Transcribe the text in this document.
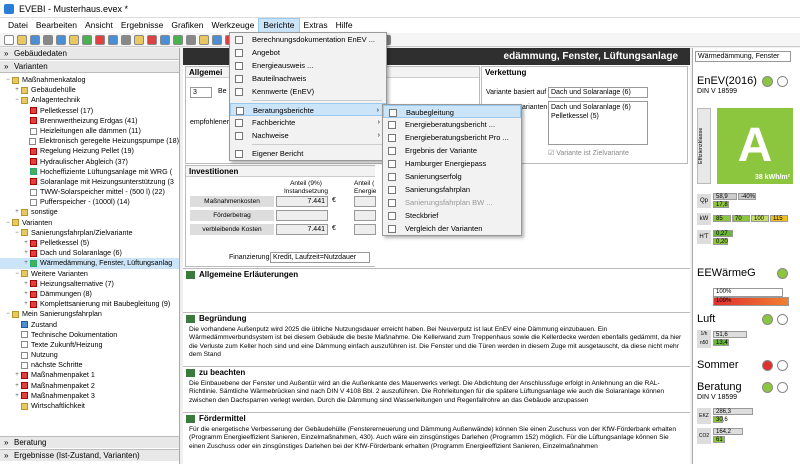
EVEBI - Musterhaus.evex *
Datei Bearbeiten Ansicht Ergebnisse Grafiken Werkzeuge	Berichte	Extras Hilfe
» Gebäudedaten
» Varianten
−	Maßnahmenkatalog
+	Gebäudehülle
−	Anlagentechnik
Pelletkessel (17)
Brennwertheizung Erdgas (41)
Heizleitungen alle dämmen (11)
Elektronisch geregelte Heizungspumpe (18)
Regelung Heizung Pellet (19)
Hydraulischer Abgleich (37)
Hocheffiziente Lüftungsanlage mit WRG (
Solaranlage mit Heizungsunterstützung (3
TWW-Solarspeicher mittel - (500 l) (22)
Pufferspeicher - (1000l) (14)
+	sonstige
−	Varianten
−	Sanierungsfahrplan/Zielvariante
+	Pelletkessel (5)
+	Dach und Solaranlage (6)
+	Wärmedämmung, Fenster, Lüftungsanlag
−	Weitere Varianten
+	Heizungsalternative (7)
+	Dämmungen (8)
+	Komplettsanierung mit Baubegleitung (9)
−	Mein Sanierungsfahrplan
Zustand
Technische Dokumentation
Texte Zukunft/Heizung
Nutzung
nächste Schritte
+	Maßnahmenpaket 1
+	Maßnahmenpaket 2
+	Maßnahmenpaket 3
Wirtschaftlichkeit
» Beratung
» Ergebnisse (Ist-Zustand, Varianten)
edämmung, Fenster, Lüftungsanlage
Allgemei
3	Be
empfohlener
Verkettung
Variante basiert auf Dach und Solaranlage (6)
arianten Dach und Solaranlage (6)
Pelletkessel (5)
☑ Variante ist Zielvariante
Investitionen
Anteil (9%)
Instandsetzung
Anteil (
Energie
Maßnahmenkosten	7.441	€
Förderbetrag
verbleibende Kosten	7.441	€
Finanzierung Kredit, Laufzeit=Nutzdauer
Allgemeine Erläuterungen

Begründung

Die vorhandene Außenputz wird 2025 die übliche Nutzungsdauer erreicht haben. Bei Neuverputz ist laut EnEV eine Dämmung einzubauen. Ein Wärmedämmverbundsystem ist bei diesem Gebäude die beste Maßnahme. Die Kellerwand zum Treppenhaus sowie die Kellerdecke werden ebenfalls gedämmt, da hier die Verluste zum Keller hoch sind und eine Dämmung einfach auszuführen ist. Die Fenster und die Türen werden in diesem Zuge mit ausgetauscht, da diese nicht mehr dem Stand

zu beachten

Die Einbauebene der Fenster und Außentür wird an die Außenkante des Mauerwerks verlegt. Die Abdichtung der Anschlussfuge erfolgt in Anlehnung an die RAL-Richtlinie. Sämtliche Wärmebrücken sind nach DIN V 4108 Bbl. 2 auszuführen. Die Rohrleitungen für die spätere Lüftungsanlage wie auch die Solaranlage können zwischen den Dachsparren verlegt werden. Durch die Dämmung sind Wasserleitungen und Regenfallrohre an das Gebäude anzupassen

Fördermittel

Für die energetische Verbesserung der Gebäudehülle (Fenstererneuerung und Dämmung Außenwände) können Sie einen Zuschuss von der KfW-Förderbank erhalten (Programm Energieeffizient Sanieren, Einzelmaßnahmen, 430). Auch wäre ein zinsgünstiges Darlehen (Programm 152) möglich. Für die Lüftungsanlage können Sie einen Zuschuss oder ein zinsgünstiges Darlehen bei der KfW-Förderbank erhalten (Programm Energieeffizient Sanieren, Einzelmaßnahmen

Wärmedämmung, Fenster
EnEV(2016)
DIN V 18599
A
38 kWh/m²
Effizienzklasse
Qp
58,9	-40%
17,8
kW	85	70	100	115
H'T	0,27
0,20
EEWärmeG
100%
109%
Luft
1/h n50
51,6
13,4
Sommer
Beratung
DIN V 18599
EKZ
286,3
30,6
CO2
164,2
61
Berechnungsdokumentation EnEV ...
Angebot
Energieausweis ...
Bauteilnachweis
Kennwerte (EnEV)
Beratungsberichte	›
Fachberichte	›
Nachweise	›
Eigener Bericht
Baubegleitung
Energieberatungsbericht ...
Energieberatungsbericht Pro ...
Ergebnis der Variante
Hamburger Energiepass
Sanierungserfolg
Sanierungsfahrplan
Sanierungsfahrplan BW ...
Steckbrief
Vergleich der Varianten
